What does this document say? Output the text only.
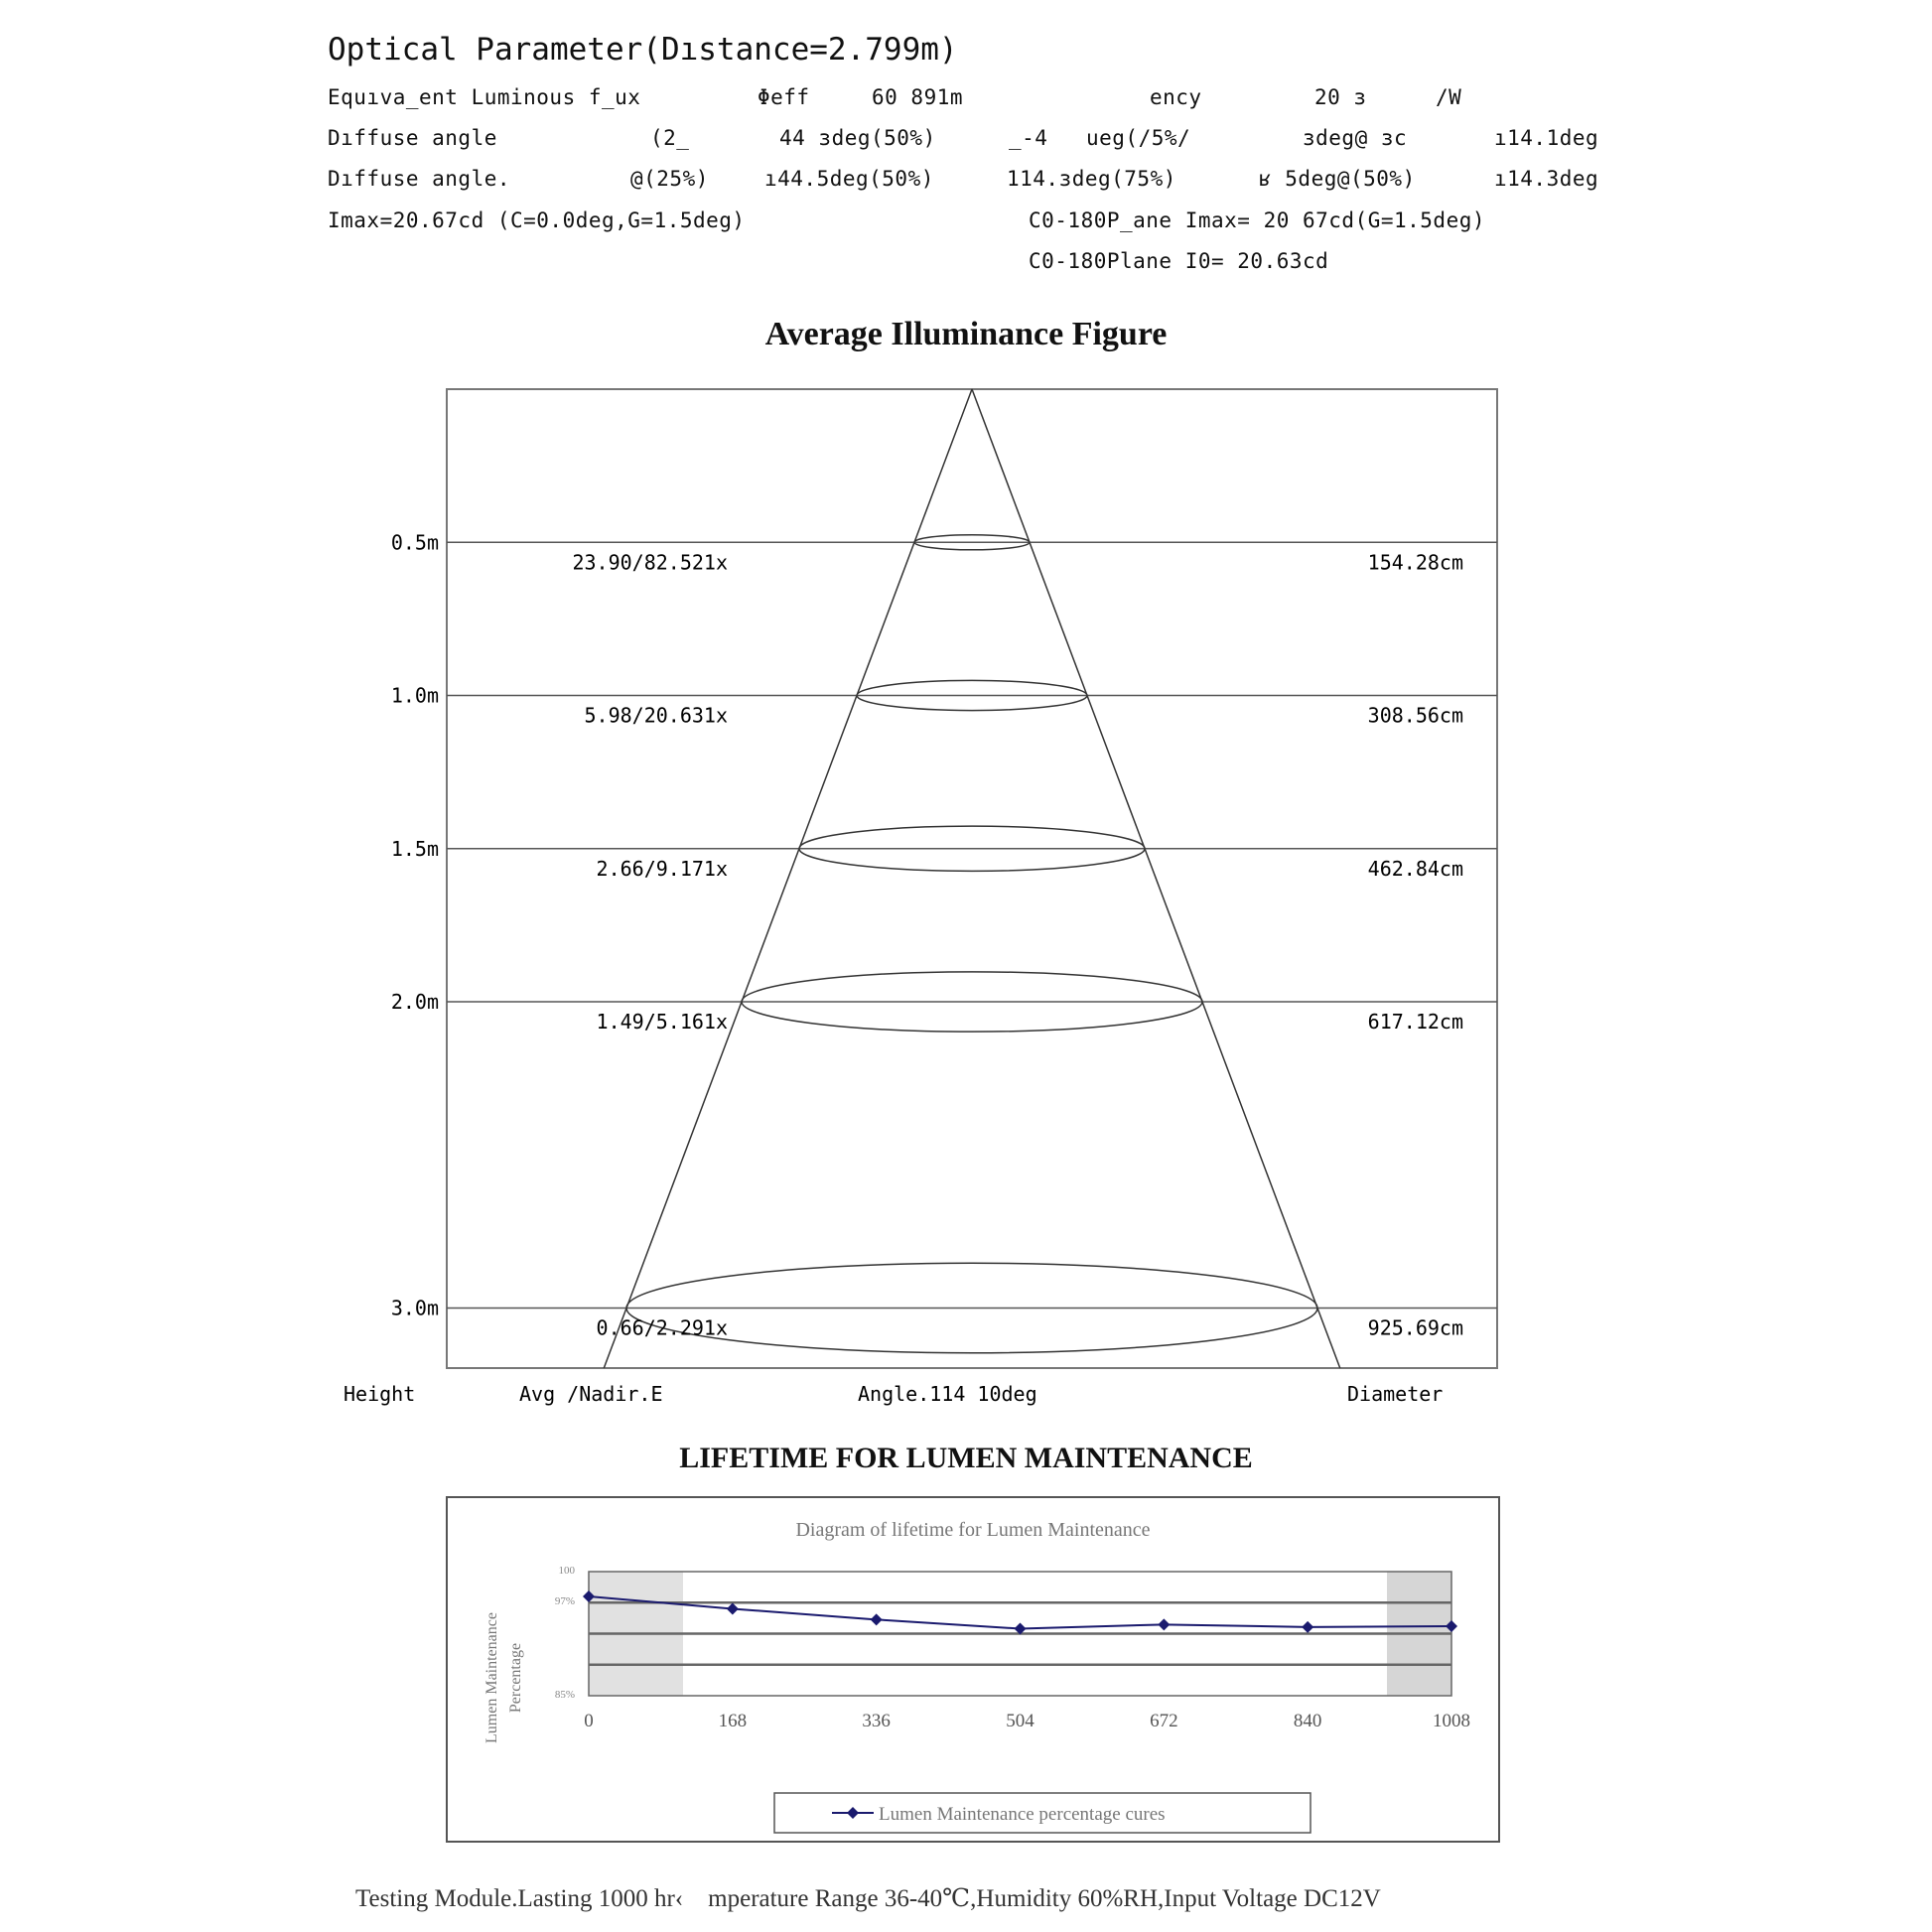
Optical Parameter(Dıstance=2.799m)
Equıva_ent Luminous f_ux	Φeff	60 891m	ency	20 ɜ	/W
Dıffuse angle	(2_	44 ɜdeg(50%)	_-4 ueg(/5%/	ɜdeg@ ɜc	ı14.1deg
Dıffuse angle.	@(25%)	ı44.5deg(50%)	114.ɜdeg(75%)	ʁ 5deg@(50%)	ı14.3deg
Imax=20.67cd (C=0.0deg,G=1.5deg)	C0-180P_ane Imax= 20 67cd(G=1.5deg)
C0-180Plane I0= 20.63cd
Average Illuminance Figure
0.5m
23.90/82.521x	154.28cm
1.0m
5.98/20.631x	308.56cm
1.5m
2.66/9.171x	462.84cm
2.0m
1.49/5.161x	617.12cm
3.0m
0.66/2.291x	925.69cm
Height	Avg /Nadir.E	Angle.114 10deg	Diameter
LIFETIME FOR LUMEN MAINTENANCE
Diagram of lifetime for Lumen Maintenance
Lumen Maintenance Percentage
100
97%
85%
0	168	336	504	672	840	1008
Lumen Maintenance percentage cures
Testing Module.Lasting 1000 hr‹    mperature Range 36-40℃,Humidity 60%RH,Input Voltage DC12V
